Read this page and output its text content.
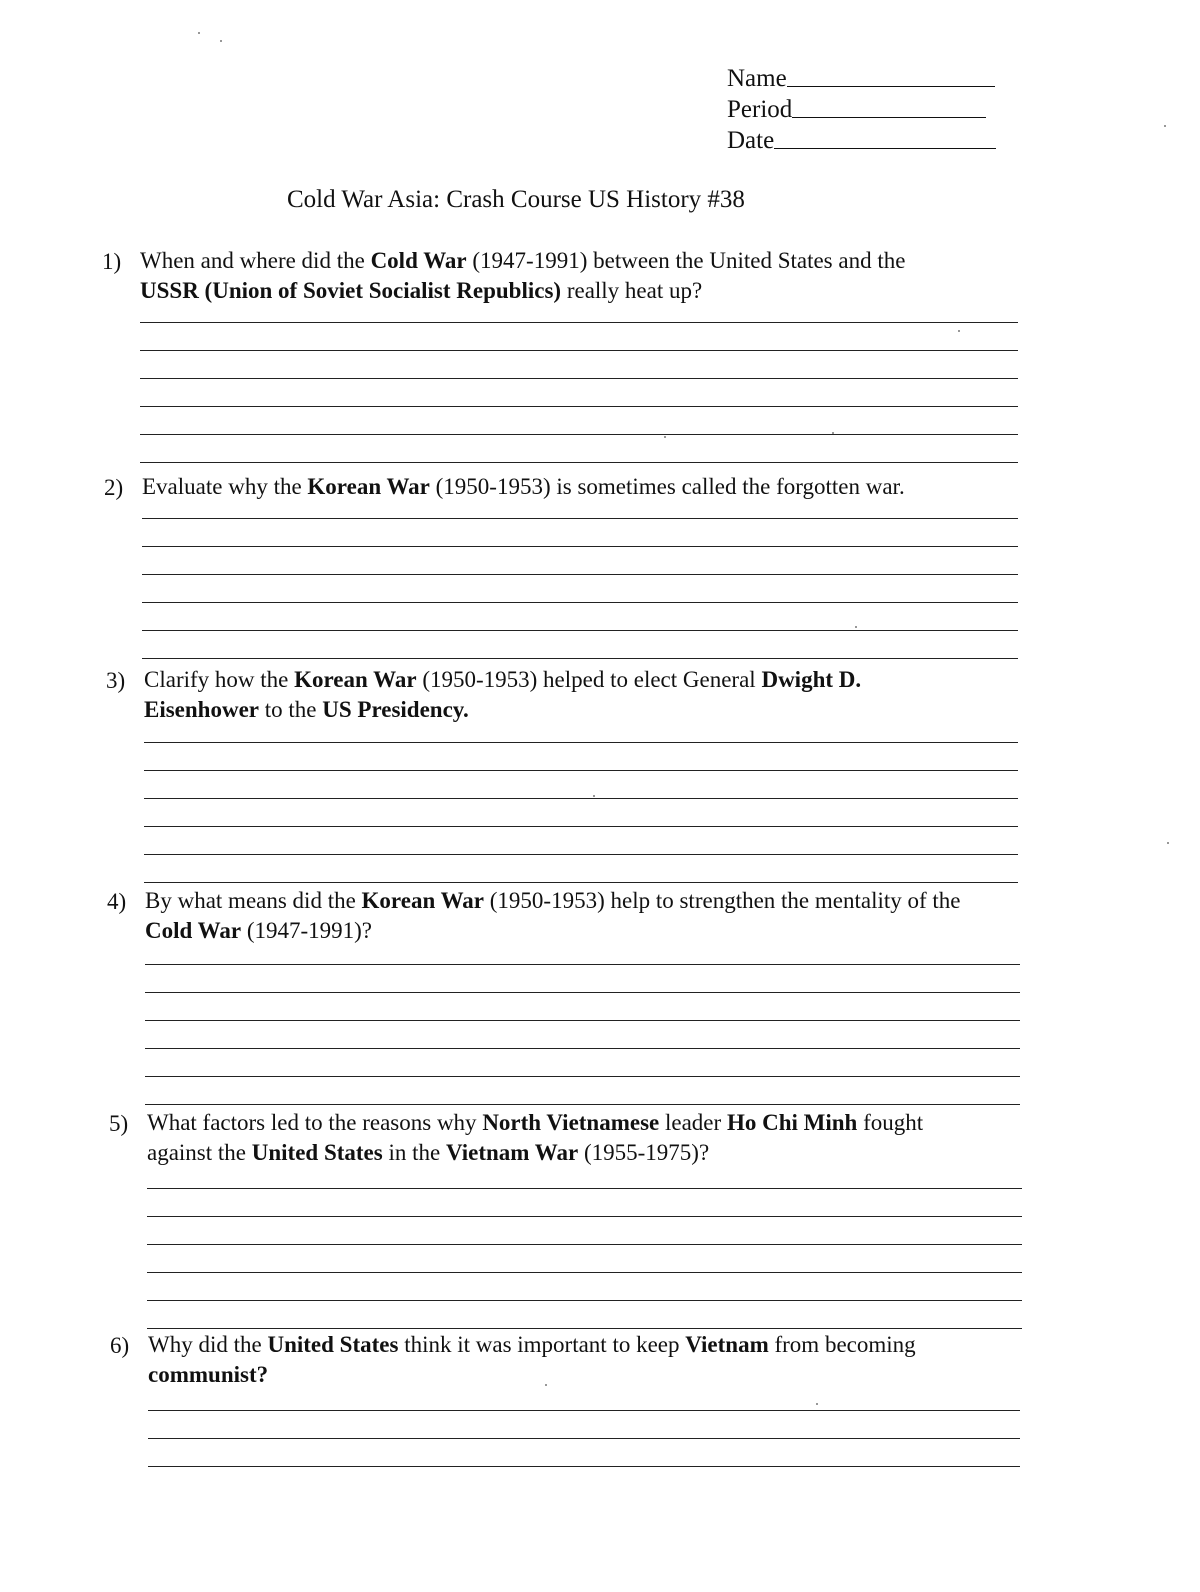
Name
Period
Date
Cold War Asia: Crash Course US History #38
1) When and where did the Cold War (1947-1991) between the United States and the
USSR (Union of Soviet Socialist Republics) really heat up?
2) Evaluate why the Korean War (1950-1953) is sometimes called the forgotten war.
3) Clarify how the Korean War (1950-1953) helped to elect General Dwight D.
Eisenhower to the US Presidency.
4) By what means did the Korean War (1950-1953) help to strengthen the mentality of the
Cold War (1947-1991)?
5) What factors led to the reasons why North Vietnamese leader Ho Chi Minh fought
against the United States in the Vietnam War (1955-1975)?
6) Why did the United States think it was important to keep Vietnam from becoming
communist?
